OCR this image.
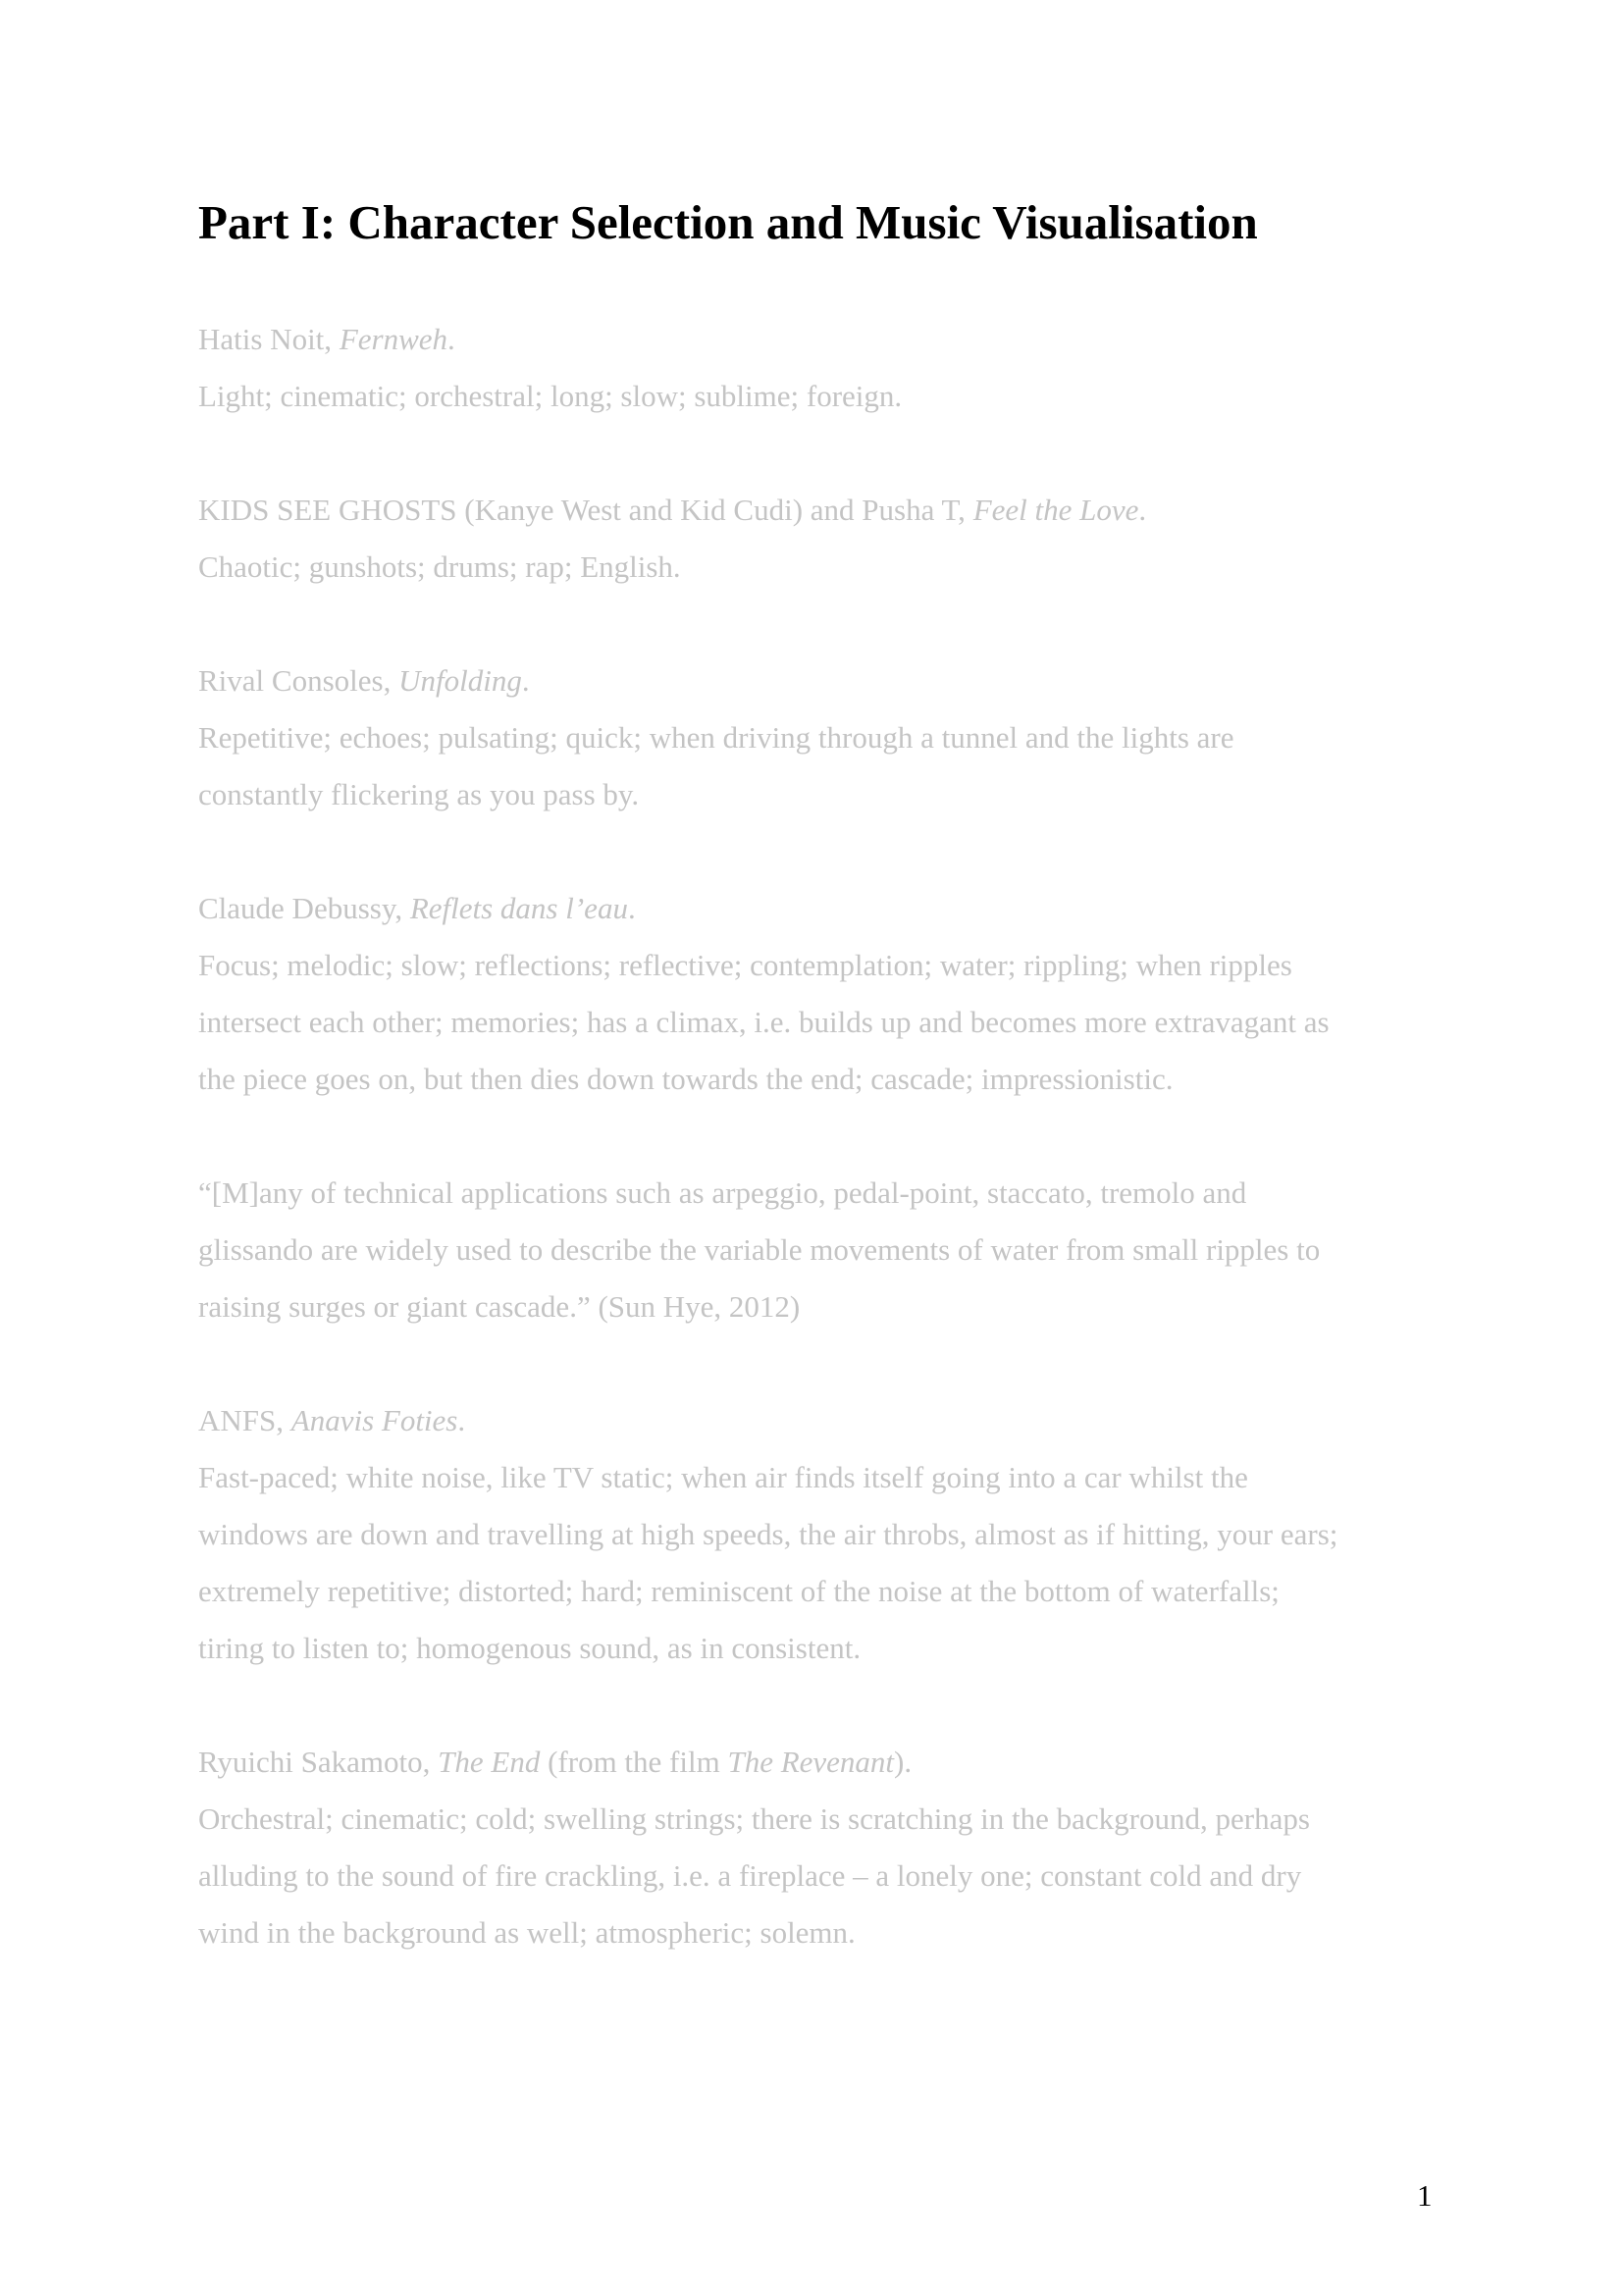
Part I: Character Selection and Music Visualisation

Hatis Noit, Fernweh.

Light; cinematic; orchestral; long; slow; sublime; foreign.

KIDS SEE GHOSTS (Kanye West and Kid Cudi) and Pusha T, Feel the Love.

Chaotic; gunshots; drums; rap; English.

Rival Consoles, Unfolding.

Repetitive; echoes; pulsating; quick; when driving through a tunnel and the lights are
constantly flickering as you pass by.

Claude Debussy, Reflets dans l’eau.

Focus; melodic; slow; reflections; reflective; contemplation; water; rippling; when ripples
intersect each other; memories; has a climax, i.e. builds up and becomes more extravagant as
the piece goes on, but then dies down towards the end; cascade; impressionistic.

“[M]any of technical applications such as arpeggio, pedal-point, staccato, tremolo and
glissando are widely used to describe the variable movements of water from small ripples to
raising surges or giant cascade.” (Sun Hye, 2012)

ANFS, Anavis Foties.

Fast-paced; white noise, like TV static; when air finds itself going into a car whilst the
windows are down and travelling at high speeds, the air throbs, almost as if hitting, your ears;
extremely repetitive; distorted; hard; reminiscent of the noise at the bottom of waterfalls;
tiring to listen to; homogenous sound, as in consistent.

Ryuichi Sakamoto, The End (from the film The Revenant).

Orchestral; cinematic; cold; swelling strings; there is scratching in the background, perhaps
alluding to the sound of fire crackling, i.e. a fireplace – a lonely one; constant cold and dry
wind in the background as well; atmospheric; solemn.

1
